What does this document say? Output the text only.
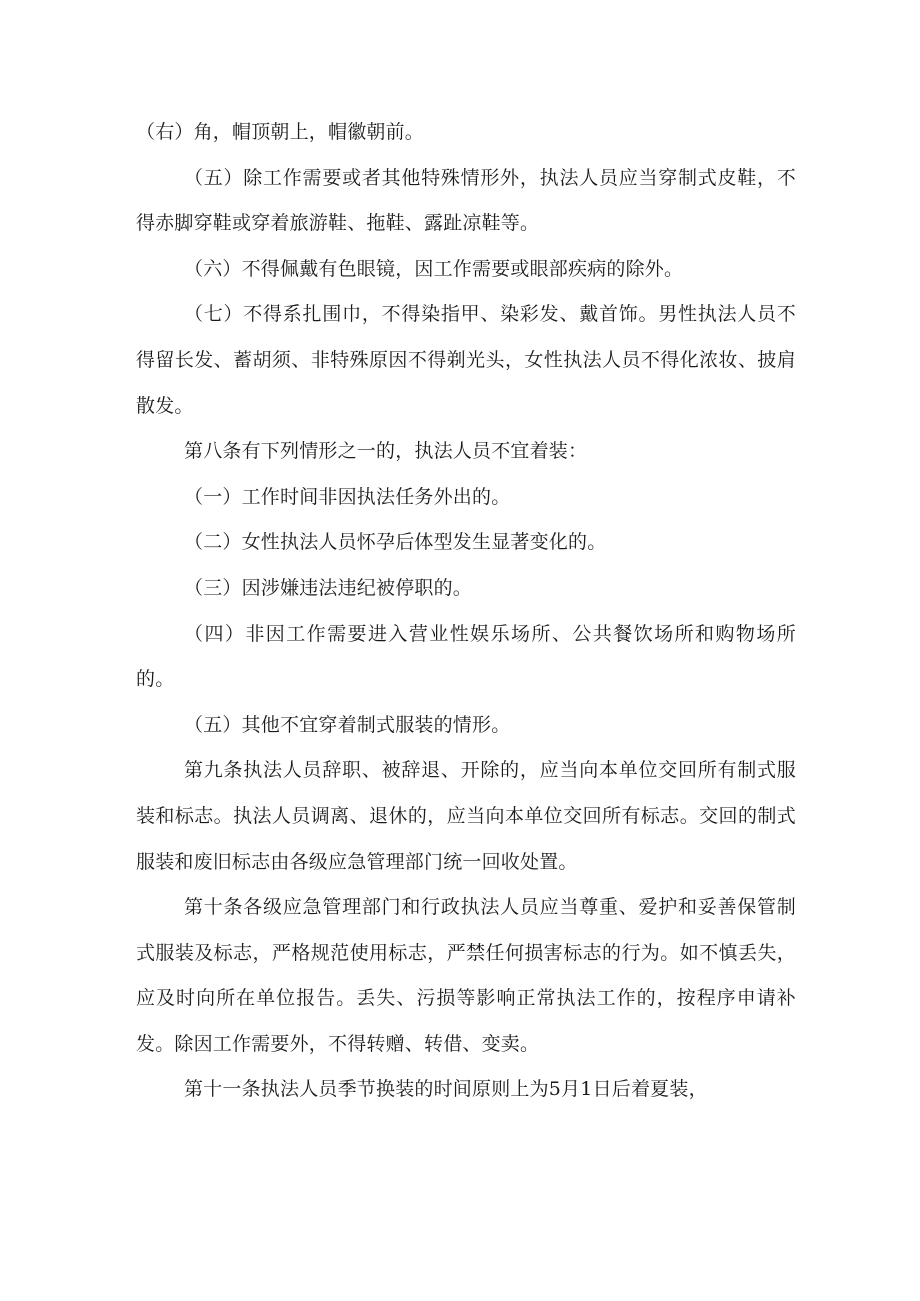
（右）角，帽顶朝上，帽徽朝前。

（五）除工作需要或者其他特殊情形外，执法人员应当穿制式皮鞋，不得赤脚穿鞋或穿着旅游鞋、拖鞋、露趾凉鞋等。

（六）不得佩戴有色眼镜，因工作需要或眼部疾病的除外。

（七）不得系扎围巾，不得染指甲、染彩发、戴首饰。男性执法人员不得留长发、蓄胡须、非特殊原因不得剃光头，女性执法人员不得化浓妆、披肩散发。

第八条有下列情形之一的，执法人员不宜着装：

（一）工作时间非因执法任务外出的。

（二）女性执法人员怀孕后体型发生显著变化的。

（三）因涉嫌违法违纪被停职的。

（四）非因工作需要进入营业性娱乐场所、公共餐饮场所和购物场所的。

（五）其他不宜穿着制式服装的情形。

第九条执法人员辞职、被辞退、开除的，应当向本单位交回所有制式服装和标志。执法人员调离、退休的，应当向本单位交回所有标志。交回的制式服装和废旧标志由各级应急管理部门统一回收处置。

第十条各级应急管理部门和行政执法人员应当尊重、爱护和妥善保管制式服装及标志，严格规范使用标志，严禁任何损害标志的行为。如不慎丢失，应及时向所在单位报告。丢失、污损等影响正常执法工作的，按程序申请补发。除因工作需要外，不得转赠、转借、变卖。

第十一条执法人员季节换装的时间原则上为5月1日后着夏装，
